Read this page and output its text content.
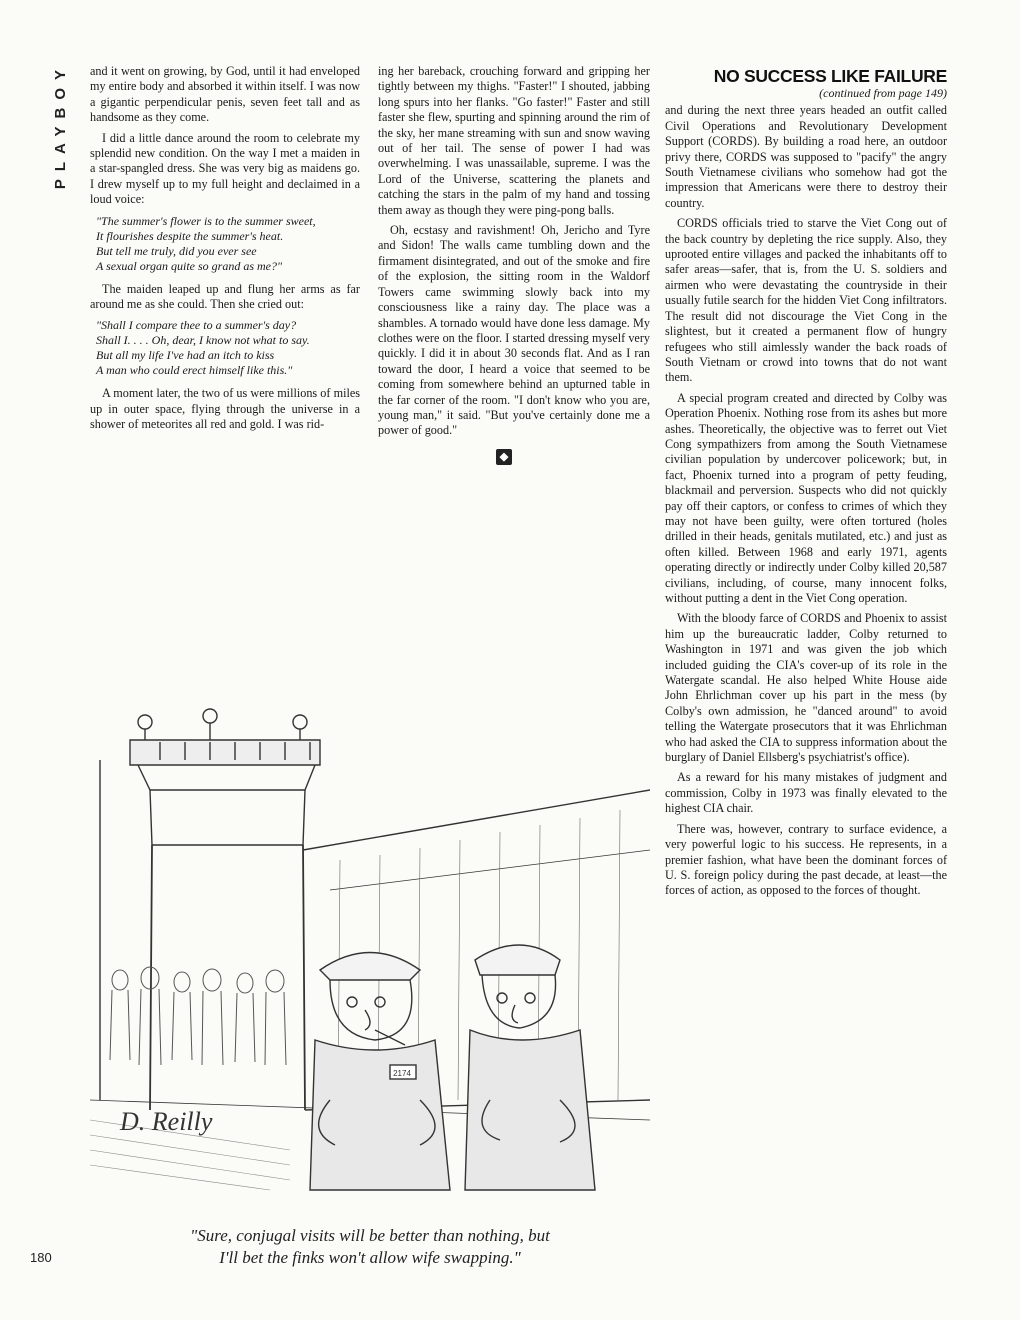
PLAYBOY and it went on growing, by God, until it had enveloped my entire body and absorbed it within itself. I was now a gigantic perpendicular penis, seven feet tall and as handsome as they come.

I did a little dance around the room to celebrate my splendid new condition. On the way I met a maiden in a star-spangled dress. She was very big as maidens go. I drew myself up to my full height and declaimed in a loud voice:

"The summer's flower is to the summer sweet,
It flourishes despite the summer's heat.
But tell me truly, did you ever see
A sexual organ quite so grand as me?"

The maiden leaped up and flung her arms as far around me as she could. Then she cried out:

"Shall I compare thee to a summer's day?
Shall I. . . . Oh, dear, I know not what to say.
But all my life I've had an itch to kiss
A man who could erect himself like this."

A moment later, the two of us were millions of miles up in outer space, flying through the universe in a shower of meteorites all red and gold. I was rid-

ing her bareback, crouching forward and gripping her tightly between my thighs. "Faster!" I shouted, jabbing long spurs into her flanks. "Go faster!" Faster and still faster she flew, spurting and spinning around the rim of the sky, her mane streaming with sun and snow waving out of her tail. The sense of power I had was overwhelming. I was unassailable, supreme. I was the Lord of the Universe, scattering the planets and catching the stars in the palm of my hand and tossing them away as though they were ping-pong balls.

Oh, ecstasy and ravishment! Oh, Jericho and Tyre and Sidon! The walls came tumbling down and the firmament disintegrated, and out of the smoke and fire of the explosion, the sitting room in the Waldorf Towers came swimming slowly back into my consciousness like a rainy day. The place was a shambles. A tornado would have done less damage. My clothes were on the floor. I started dressing myself very quickly. I did it in about 30 seconds flat. And as I ran toward the door, I heard a voice that seemed to be coming from somewhere behind an upturned table in the far corner of the room. "I don't know who you are, young man," it said. "But you've certainly done me a power of good."

◆
NO SUCCESS LIKE FAILURE
(continued from page 149)

and during the next three years headed an outfit called Civil Operations and Revolutionary Development Support (CORDS). By building a road here, an outdoor privy there, CORDS was supposed to "pacify" the angry South Vietnamese civilians who somehow had got the impression that Americans were there to destroy their country.

CORDS officials tried to starve the Viet Cong out of the back country by depleting the rice supply. Also, they uprooted entire villages and packed the inhabitants off to safer areas—safer, that is, from the U. S. soldiers and airmen who were devastating the countryside in their usually futile search for the hidden Viet Cong infiltrators. The result did not discourage the Viet Cong in the slightest, but it created a permanent flow of hungry refugees who still aimlessly wander the back roads of South Vietnam or crowd into towns that do not want them.

A special program created and directed by Colby was Operation Phoenix. Nothing rose from its ashes but more ashes. Theoretically, the objective was to ferret out Viet Cong sympathizers from among the South Vietnamese civilian population by undercover policework; but, in fact, Phoenix turned into a program of petty feuding, blackmail and perversion. Suspects who did not quickly pay off their captors, or confess to crimes of which they may not have been guilty, were often tortured (holes drilled in their heads, genitals mutilated, etc.) and just as often killed. Between 1968 and early 1971, agents operating directly or indirectly under Colby killed 20,587 civilians, including, of course, many innocent folks, without putting a dent in the Viet Cong operation.

With the bloody farce of CORDS and Phoenix to assist him up the bureaucratic ladder, Colby returned to Washington in 1971 and was given the job which included guiding the CIA's cover-up of its role in the Watergate scandal. He also helped White House aide John Ehrlichman cover up his part in the mess (by Colby's own admission, he "danced around" to avoid telling the Watergate prosecutors that it was Ehrlichman who had asked the CIA to suppress information about the burglary of Daniel Ellsberg's psychiatrist's office).

As a reward for his many mistakes of judgment and commission, Colby in 1973 was finally elevated to the highest CIA chair.

There was, however, contrary to surface evidence, a very powerful logic to his success. He represents, in a premier fashion, what have been the dominant forces of U. S. foreign policy during the past decade, at least—the forces of action, as opposed to the forces of thought.

2174
D. Reilly
"Sure, conjugal visits will be better than nothing, but
I'll bet the finks won't allow wife swapping."
180
